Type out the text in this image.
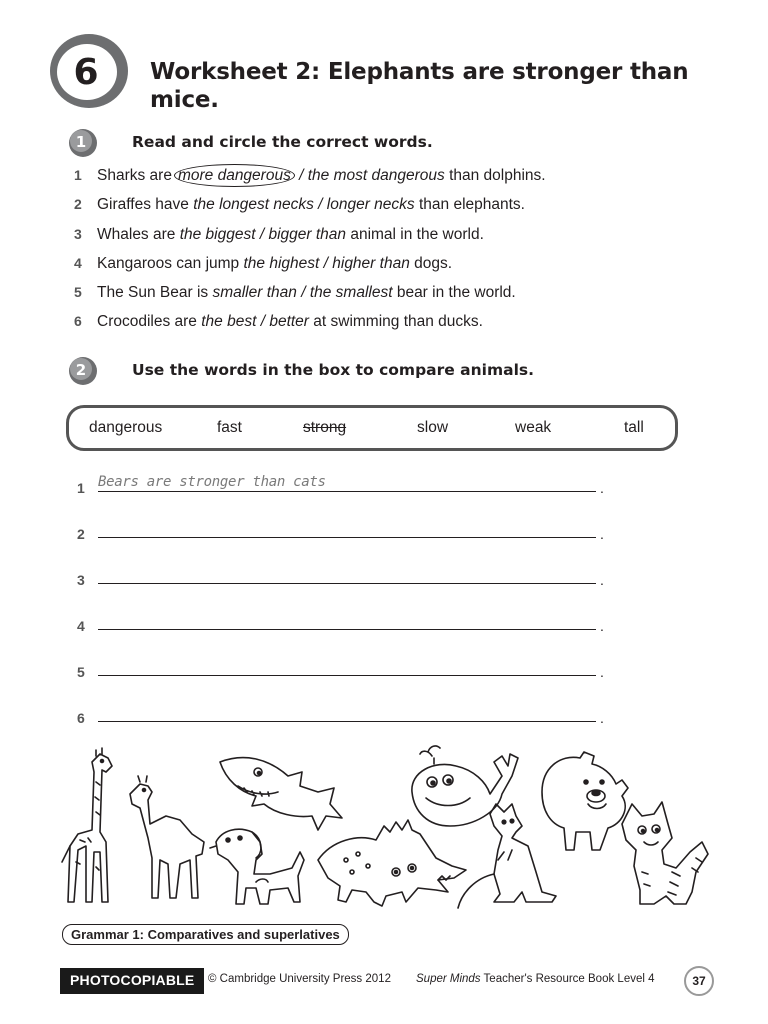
6 Worksheet 2: Elephants are stronger than mice.
1	Read and circle the correct words.
1 Sharks are more dangerous / the most dangerous than dolphins.
2 Giraffes have the longest necks / longer necks than elephants.
3 Whales are the biggest / bigger than animal in the world.
4 Kangaroos can jump the highest / higher than dogs.
5 The Sun Bear is smaller than / the smallest bear in the world.
6 Crocodiles are the best / better at swimming than ducks.
2	Use the words in the box to compare animals.
dangerous	fast	strong	slow	weak	tall
1 Bears are stronger than cats	.
2	.
3	.
4	.
5	.
6	.
Grammar 1: Comparatives and superlatives
PHOTOCOPIABLE	© Cambridge University Press 2012 Super Minds Teacher's Resource Book Level 4	37
